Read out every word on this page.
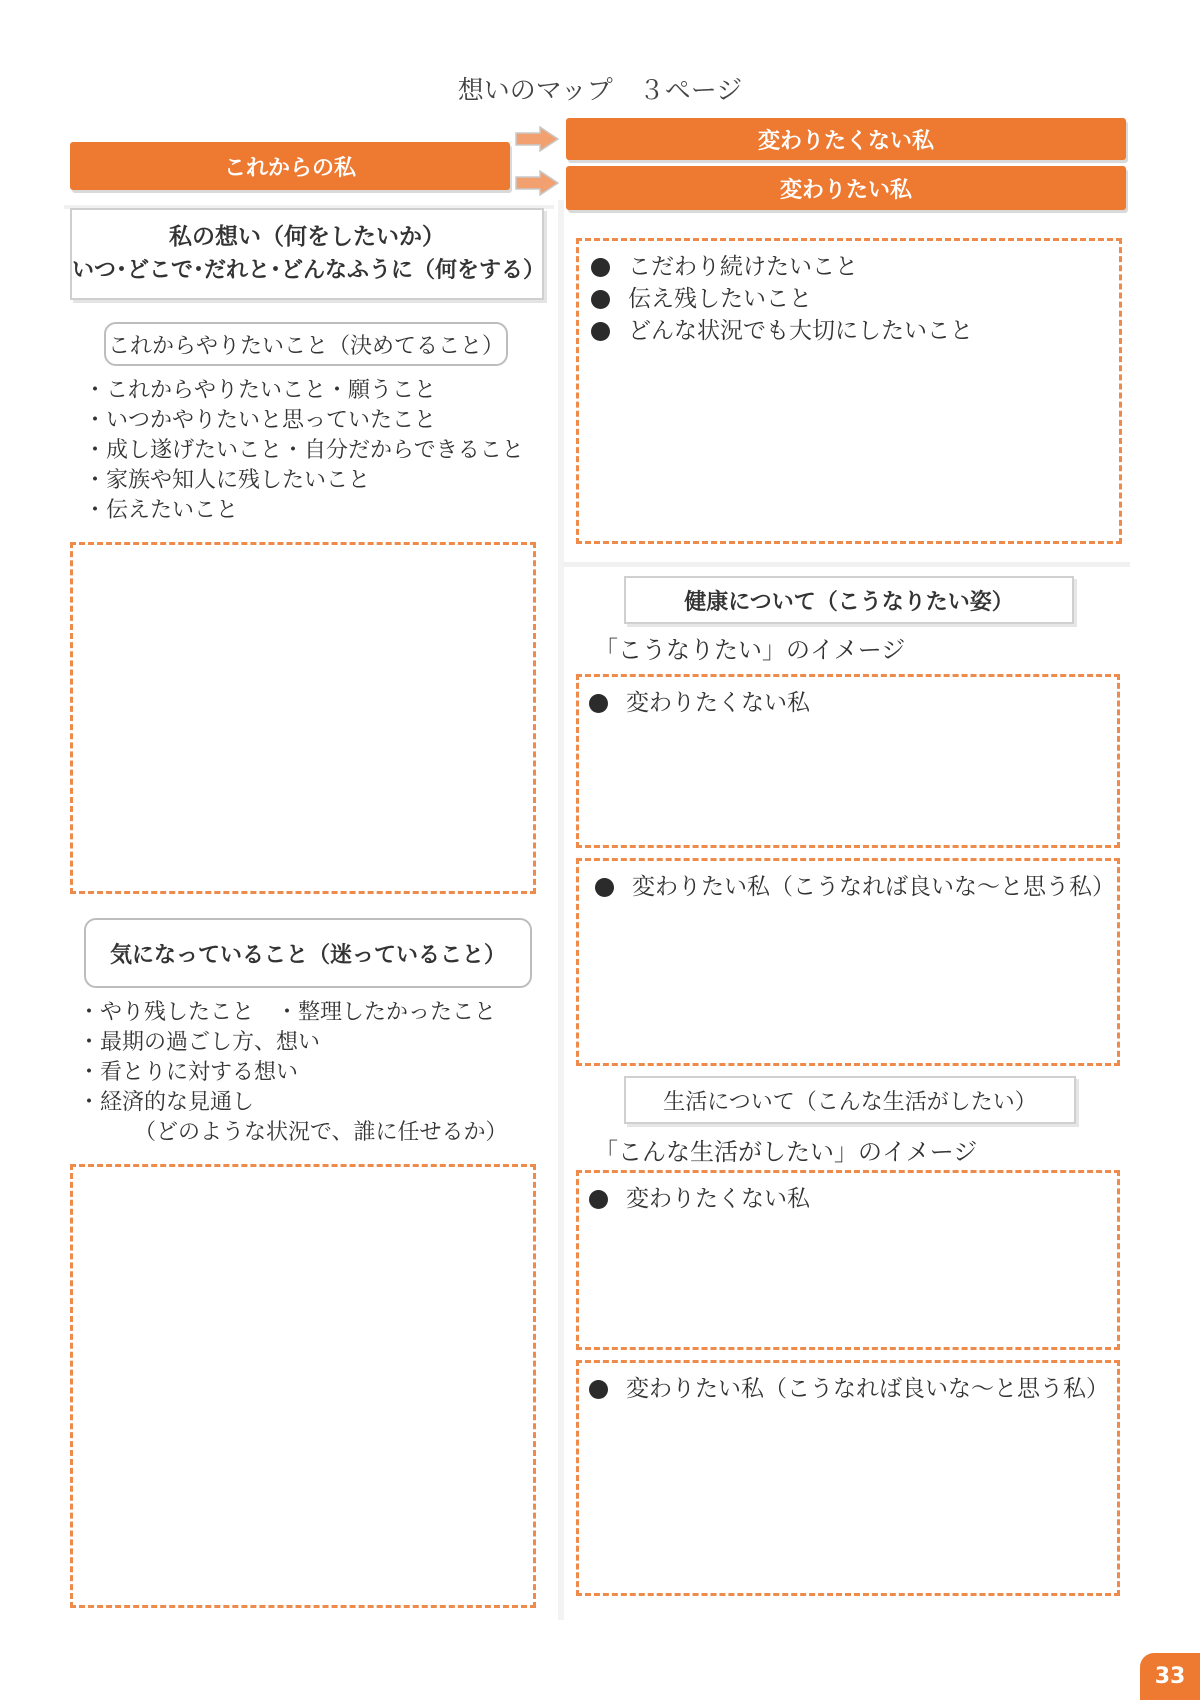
想いのマップ　３ページ
これからの私
変わりたくない私
変わりたい私
私の想い（何をしたいか）
いつ･どこで･だれと･どんなふうに（何をする）
これからやりたいこと（決めてること）
・これからやりたいこと・願うこと
・いつかやりたいと思っていたこと
・成し遂げたいこと・自分だからできること
・家族や知人に残したいこと
・伝えたいこと
気になっていること（迷っていること）
・やり残したこと　・整理したかったこと
・最期の過ごし方、想い
・看とりに対する想い
・経済的な見通し
（どのような状況で、誰に任せるか）
こだわり続けたいこと
伝え残したいこと
どんな状況でも大切にしたいこと
健康について（こうなりたい姿）
「こうなりたい」のイメージ
変わりたくない私
変わりたい私（こうなれば良いな～と思う私）
生活について（こんな生活がしたい）
「こんな生活がしたい」のイメージ
変わりたくない私
変わりたい私（こうなれば良いな～と思う私）
33
